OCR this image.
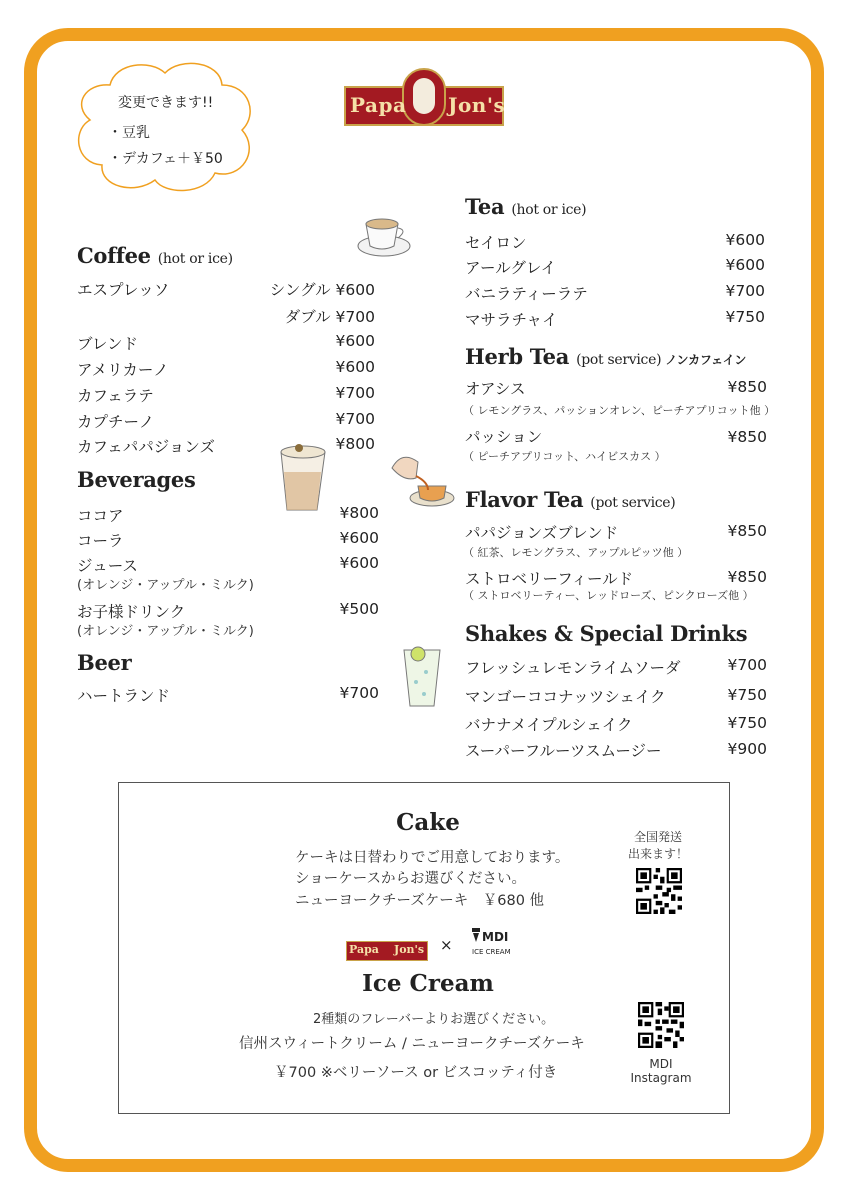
変更できます!!
・豆乳
・デカフェ＋￥50
Papa Jon's
Coffee (hot or ice)
エスプレッソ	シングル ¥600
ダブル ¥700
ブレンド	¥600
アメリカーノ	¥600
カフェラテ	¥700
カプチーノ	¥700
カフェパパジョンズ	¥800
Beverages
ココア	¥800
コーラ	¥600
ジュース	¥600
(オレンジ・アップル・ミルク)
お子様ドリンク	¥500
(オレンジ・アップル・ミルク)
Beer
ハートランド	¥700
Tea (hot or ice)
セイロン	¥600
アールグレイ	¥600
バニラティーラテ	¥700
マサラチャイ	¥750
Herb Tea (pot service) ノンカフェイン
オアシス	¥850
（ レモングラス、パッションオレン、ピーチアプリコット他 ）
パッション	¥850
（ ピーチアプリコット、ハイビスカス ）
Flavor Tea (pot service)
パパジョンズブレンド	¥850
（ 紅茶、レモングラス、アップルピッツ他 ）
ストロベリーフィールド	¥850
（ ストロベリーティー、レッドローズ、ピンクローズ他 ）
Shakes & Special Drinks
フレッシュレモンライムソーダ	¥700
マンゴーココナッツシェイク	¥750
バナナメイプルシェイク	¥750
スーパーフルーツスムージー	¥900
Cake
ケーキは日替わりでご用意しております。
ショーケースからお選びください。
ニューヨークチーズケーキ　￥680 他
全国発送
出来ます！
Papa Jon's × MDI
ICE CREAM
Ice Cream
2種類のフレーバーよりお選びください。
信州スウィートクリーム / ニューヨークチーズケーキ
￥700 ※ベリーソース or ビスコッティ付き
MDI
Instagram
